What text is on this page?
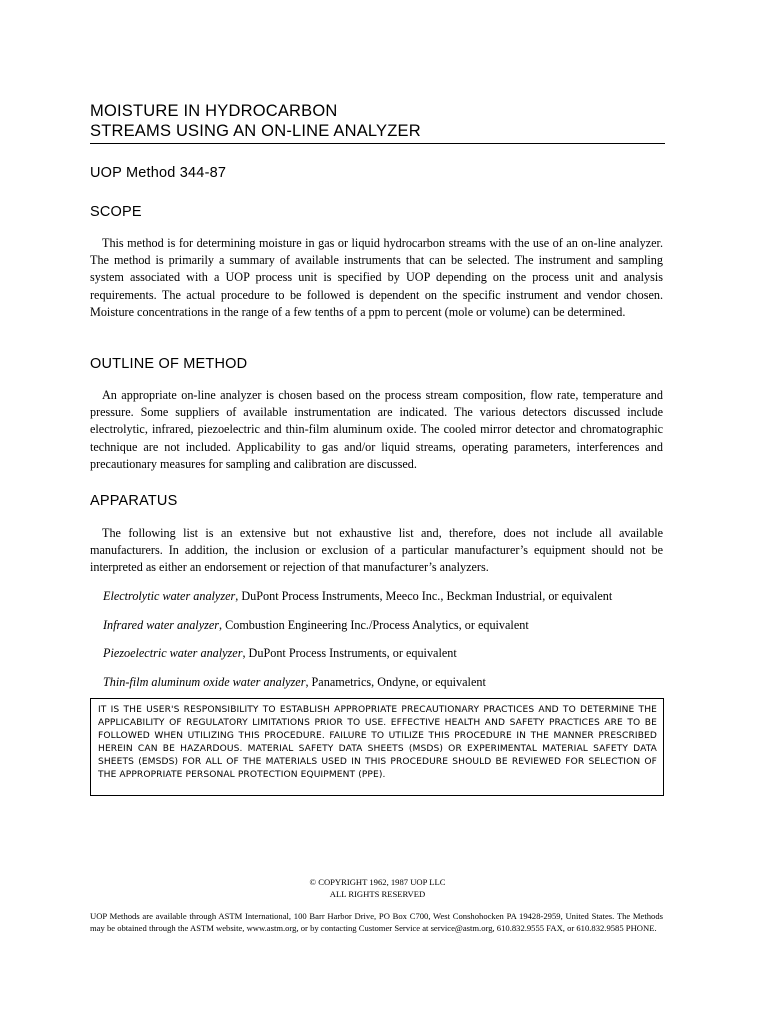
MOISTURE IN HYDROCARBON
STREAMS USING AN ON-LINE ANALYZER
UOP Method 344-87
SCOPE
This method is for determining moisture in gas or liquid hydrocarbon streams with the use of an on-line analyzer. The method is primarily a summary of available instruments that can be selected. The instrument and sampling system associated with a UOP process unit is specified by UOP depending on the process unit and analysis requirements. The actual procedure to be followed is dependent on the specific instrument and vendor chosen. Moisture concentrations in the range of a few tenths of a ppm to percent (mole or volume) can be determined.
OUTLINE OF METHOD
An appropriate on-line analyzer is chosen based on the process stream composition, flow rate, temperature and pressure. Some suppliers of available instrumentation are indicated. The various detectors discussed include electrolytic, infrared, piezoelectric and thin-film aluminum oxide. The cooled mirror detector and chromatographic technique are not included. Applicability to gas and/or liquid streams, operating parameters, interferences and precautionary measures for sampling and calibration are discussed.
APPARATUS
The following list is an extensive but not exhaustive list and, therefore, does not include all available manufacturers. In addition, the inclusion or exclusion of a particular manufacturer’s equipment should not be interpreted as either an endorsement or rejection of that manufacturer’s analyzers.
Electrolytic water analyzer, DuPont Process Instruments, Meeco Inc., Beckman Industrial, or equivalent
Infrared water analyzer, Combustion Engineering Inc./Process Analytics, or equivalent
Piezoelectric water analyzer, DuPont Process Instruments, or equivalent
Thin-film aluminum oxide water analyzer, Panametrics, Ondyne, or equivalent
IT IS THE USER'S RESPONSIBILITY TO ESTABLISH APPROPRIATE PRECAUTIONARY PRACTICES AND TO DETERMINE THE APPLICABILITY OF REGULATORY LIMITATIONS PRIOR TO USE. EFFECTIVE HEALTH AND SAFETY PRACTICES ARE TO BE FOLLOWED WHEN UTILIZING THIS PROCEDURE. FAILURE TO UTILIZE THIS PROCEDURE IN THE MANNER PRESCRIBED HEREIN CAN BE HAZARDOUS. MATERIAL SAFETY DATA SHEETS (MSDS) OR EXPERIMENTAL MATERIAL SAFETY DATA SHEETS (EMSDS) FOR ALL OF THE MATERIALS USED IN THIS PROCEDURE SHOULD BE REVIEWED FOR SELECTION OF THE APPROPRIATE PERSONAL PROTECTION EQUIPMENT (PPE).
© COPYRIGHT 1962, 1987 UOP LLC
ALL RIGHTS RESERVED
UOP Methods are available through ASTM International, 100 Barr Harbor Drive, PO Box C700, West Conshohocken PA 19428-2959, United States. The Methods may be obtained through the ASTM website, www.astm.org, or by contacting Customer Service at service@astm.org, 610.832.9555 FAX, or 610.832.9585 PHONE.
